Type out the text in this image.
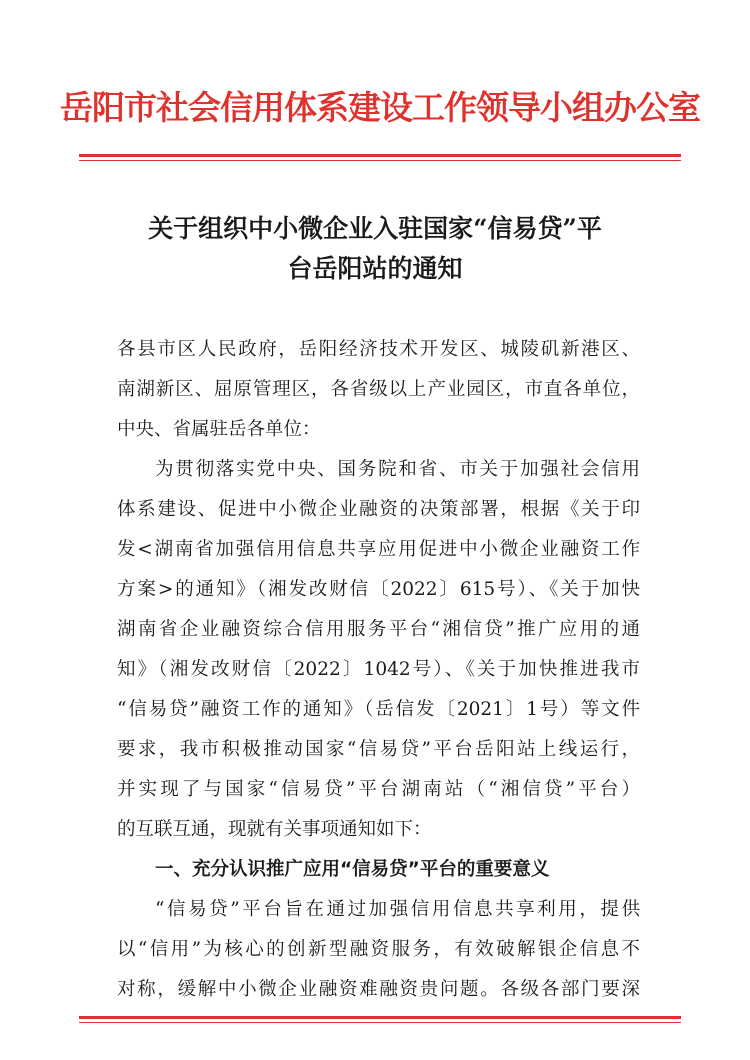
岳阳市社会信用体系建设工作领导小组办公室
关于组织中小微企业入驻国家“信易贷”平
台岳阳站的通知
各县市区人民政府，岳阳经济技术开发区、城陵矶新港区、
南湖新区、屈原管理区，各省级以上产业园区，市直各单位，
中央、省属驻岳各单位：
为贯彻落实党中央、国务院和省、市关于加强社会信用
体系建设、促进中小微企业融资的决策部署，根据《关于印
发<湖南省加强信用信息共享应用促进中小微企业融资工作
方案>的通知》（湘发改财信〔2022〕615号）、《关于加快
湖南省企业融资综合信用服务平台“湘信贷”推广应用的通
知》（湘发改财信〔2022〕1042号）、《关于加快推进我市
“信易贷”融资工作的通知》（岳信发〔2021〕1号）等文件
要求，我市积极推动国家“信易贷”平台岳阳站上线运行，
并实现了与国家“信易贷”平台湖南站（“湘信贷”平台）
的互联互通，现就有关事项通知如下：
一、充分认识推广应用“信易贷”平台的重要意义
“信易贷”平台旨在通过加强信用信息共享利用，提供
以“信用”为核心的创新型融资服务，有效破解银企信息不
对称，缓解中小微企业融资难融资贵问题。各级各部门要深
